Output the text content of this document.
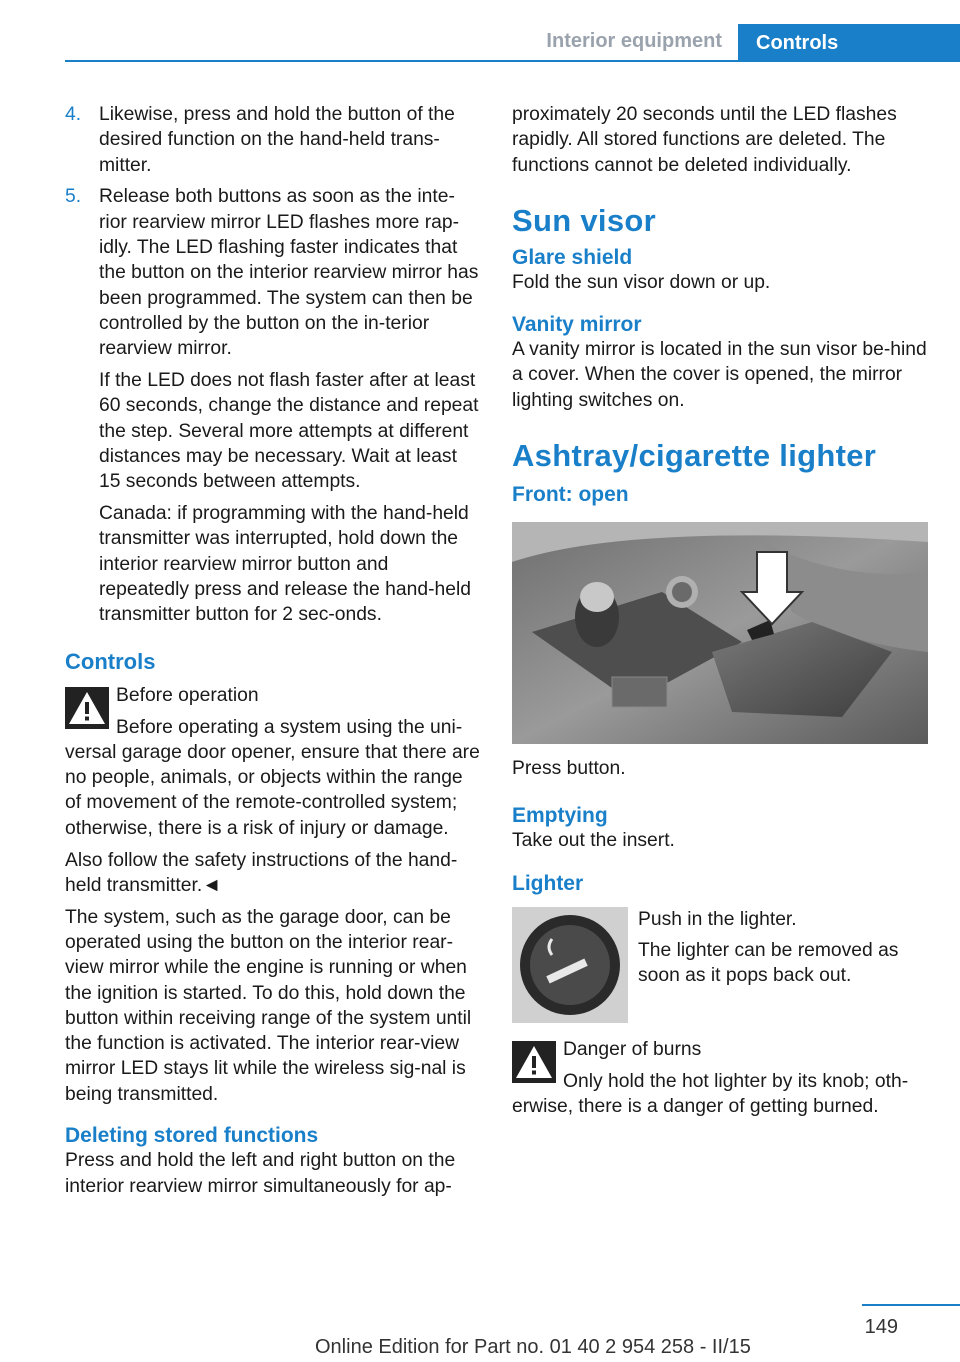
Interior equipment	Controls
4. Likewise, press and hold the button of the desired function on the hand-held trans-mitter.
5. Release both buttons as soon as the inte-rior rearview mirror LED flashes more rap-idly. The LED flashing faster indicates that the button on the interior rearview mirror has been programmed. The system can then be controlled by the button on the in-terior rearview mirror.

If the LED does not flash faster after at least 60 seconds, change the distance and repeat the step. Several more attempts at different distances may be necessary. Wait at least 15 seconds between attempts.

Canada: if programming with the hand-held transmitter was interrupted, hold down the interior rearview mirror button and repeatedly press and release the hand-held transmitter button for 2 sec-onds.

Controls

Before operation

Before operating a system using the uni-versal garage door opener, ensure that there are no people, animals, or objects within the range of movement of the remote-controlled system; otherwise, there is a risk of injury or damage.

Also follow the safety instructions of the hand-held transmitter.◄

The system, such as the garage door, can be operated using the button on the interior rear-view mirror while the engine is running or when the ignition is started. To do this, hold down the button within receiving range of the system until the function is activated. The interior rear-view mirror LED stays lit while the wireless sig-nal is being transmitted.

Deleting stored functions

Press and hold the left and right button on the interior rearview mirror simultaneously for ap-

proximately 20 seconds until the LED flashes rapidly. All stored functions are deleted. The functions cannot be deleted individually.

Sun visor
Glare shield

Fold the sun visor down or up.

Vanity mirror

A vanity mirror is located in the sun visor be-hind a cover. When the cover is opened, the mirror lighting switches on.

Ashtray/cigarette lighter
Front: open

Press button.

Emptying

Take out the insert.

Lighter

Push in the lighter.

The lighter can be removed as soon as it pops back out.

Danger of burns

Only hold the hot lighter by its knob; oth-erwise, there is a danger of getting burned.

149
Online Edition for Part no. 01 40 2 954 258 - II/15
